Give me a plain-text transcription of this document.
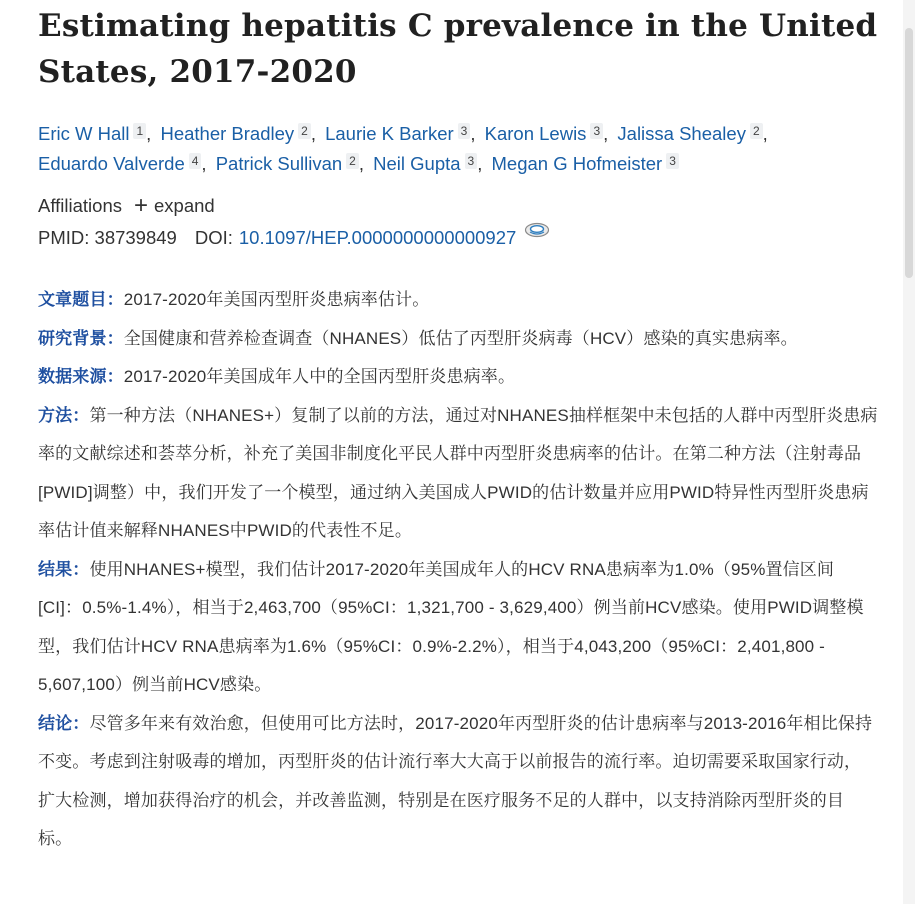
Estimating hepatitis C prevalence in the United States, 2017-2020
Eric W Hall 1 , Heather Bradley 2 , Laurie K Barker 3 , Karon Lewis 3 , Jalissa Shealey 2 ,
Eduardo Valverde 4 , Patrick Sullivan 2 , Neil Gupta 3 , Megan G Hofmeister 3
Affiliations + expand
PMID:
38739849 DOI: 10.1097/HEP.0000000000000927

文章题目：2017-2020年美国丙型肝炎患病率估计。

研究背景：全国健康和营养检查调查（NHANES）低估了丙型肝炎病毒（HCV）感染的真实患病率。

数据来源：2017-2020年美国成年人中的全国丙型肝炎患病率。

方法：第一种方法（NHANES+）复制了以前的方法，通过对NHANES抽样框架中未包括的人群中丙型肝炎患病率的文献综述和荟萃分析，补充了美国非制度化平民人群中丙型肝炎患病率的估计。在第二种方法（注射毒品[PWID]调整）中，我们开发了一个模型，通过纳入美国成人PWID的估计数量并应用PWID特异性丙型肝炎患病率估计值来解释NHANES中PWID的代表性不足。

结果：使用NHANES+模型，我们估计2017-2020年美国成年人的HCV RNA患病率为1.0%（95%置信区间[CI]：0.5%-1.4%），相当于2,463,700（95%CI：1,321,700 - 3,629,400）例当前HCV感染。使用PWID调整模型，我们估计HCV RNA患病率为1.6%（95%CI：0.9%-2.2%），相当于4,043,200（95%CI：2,401,800 - 5,607,100）例当前HCV感染。

结论：尽管多年来有效治愈，但使用可比方法时，2017-2020年丙型肝炎的估计患病率与2013-2016年相比保持不变。考虑到注射吸毒的增加，丙型肝炎的估计流行率大大高于以前报告的流行率。迫切需要采取国家行动，扩大检测，增加获得治疗的机会，并改善监测，特别是在医疗服务不足的人群中，以支持消除丙型肝炎的目标。
